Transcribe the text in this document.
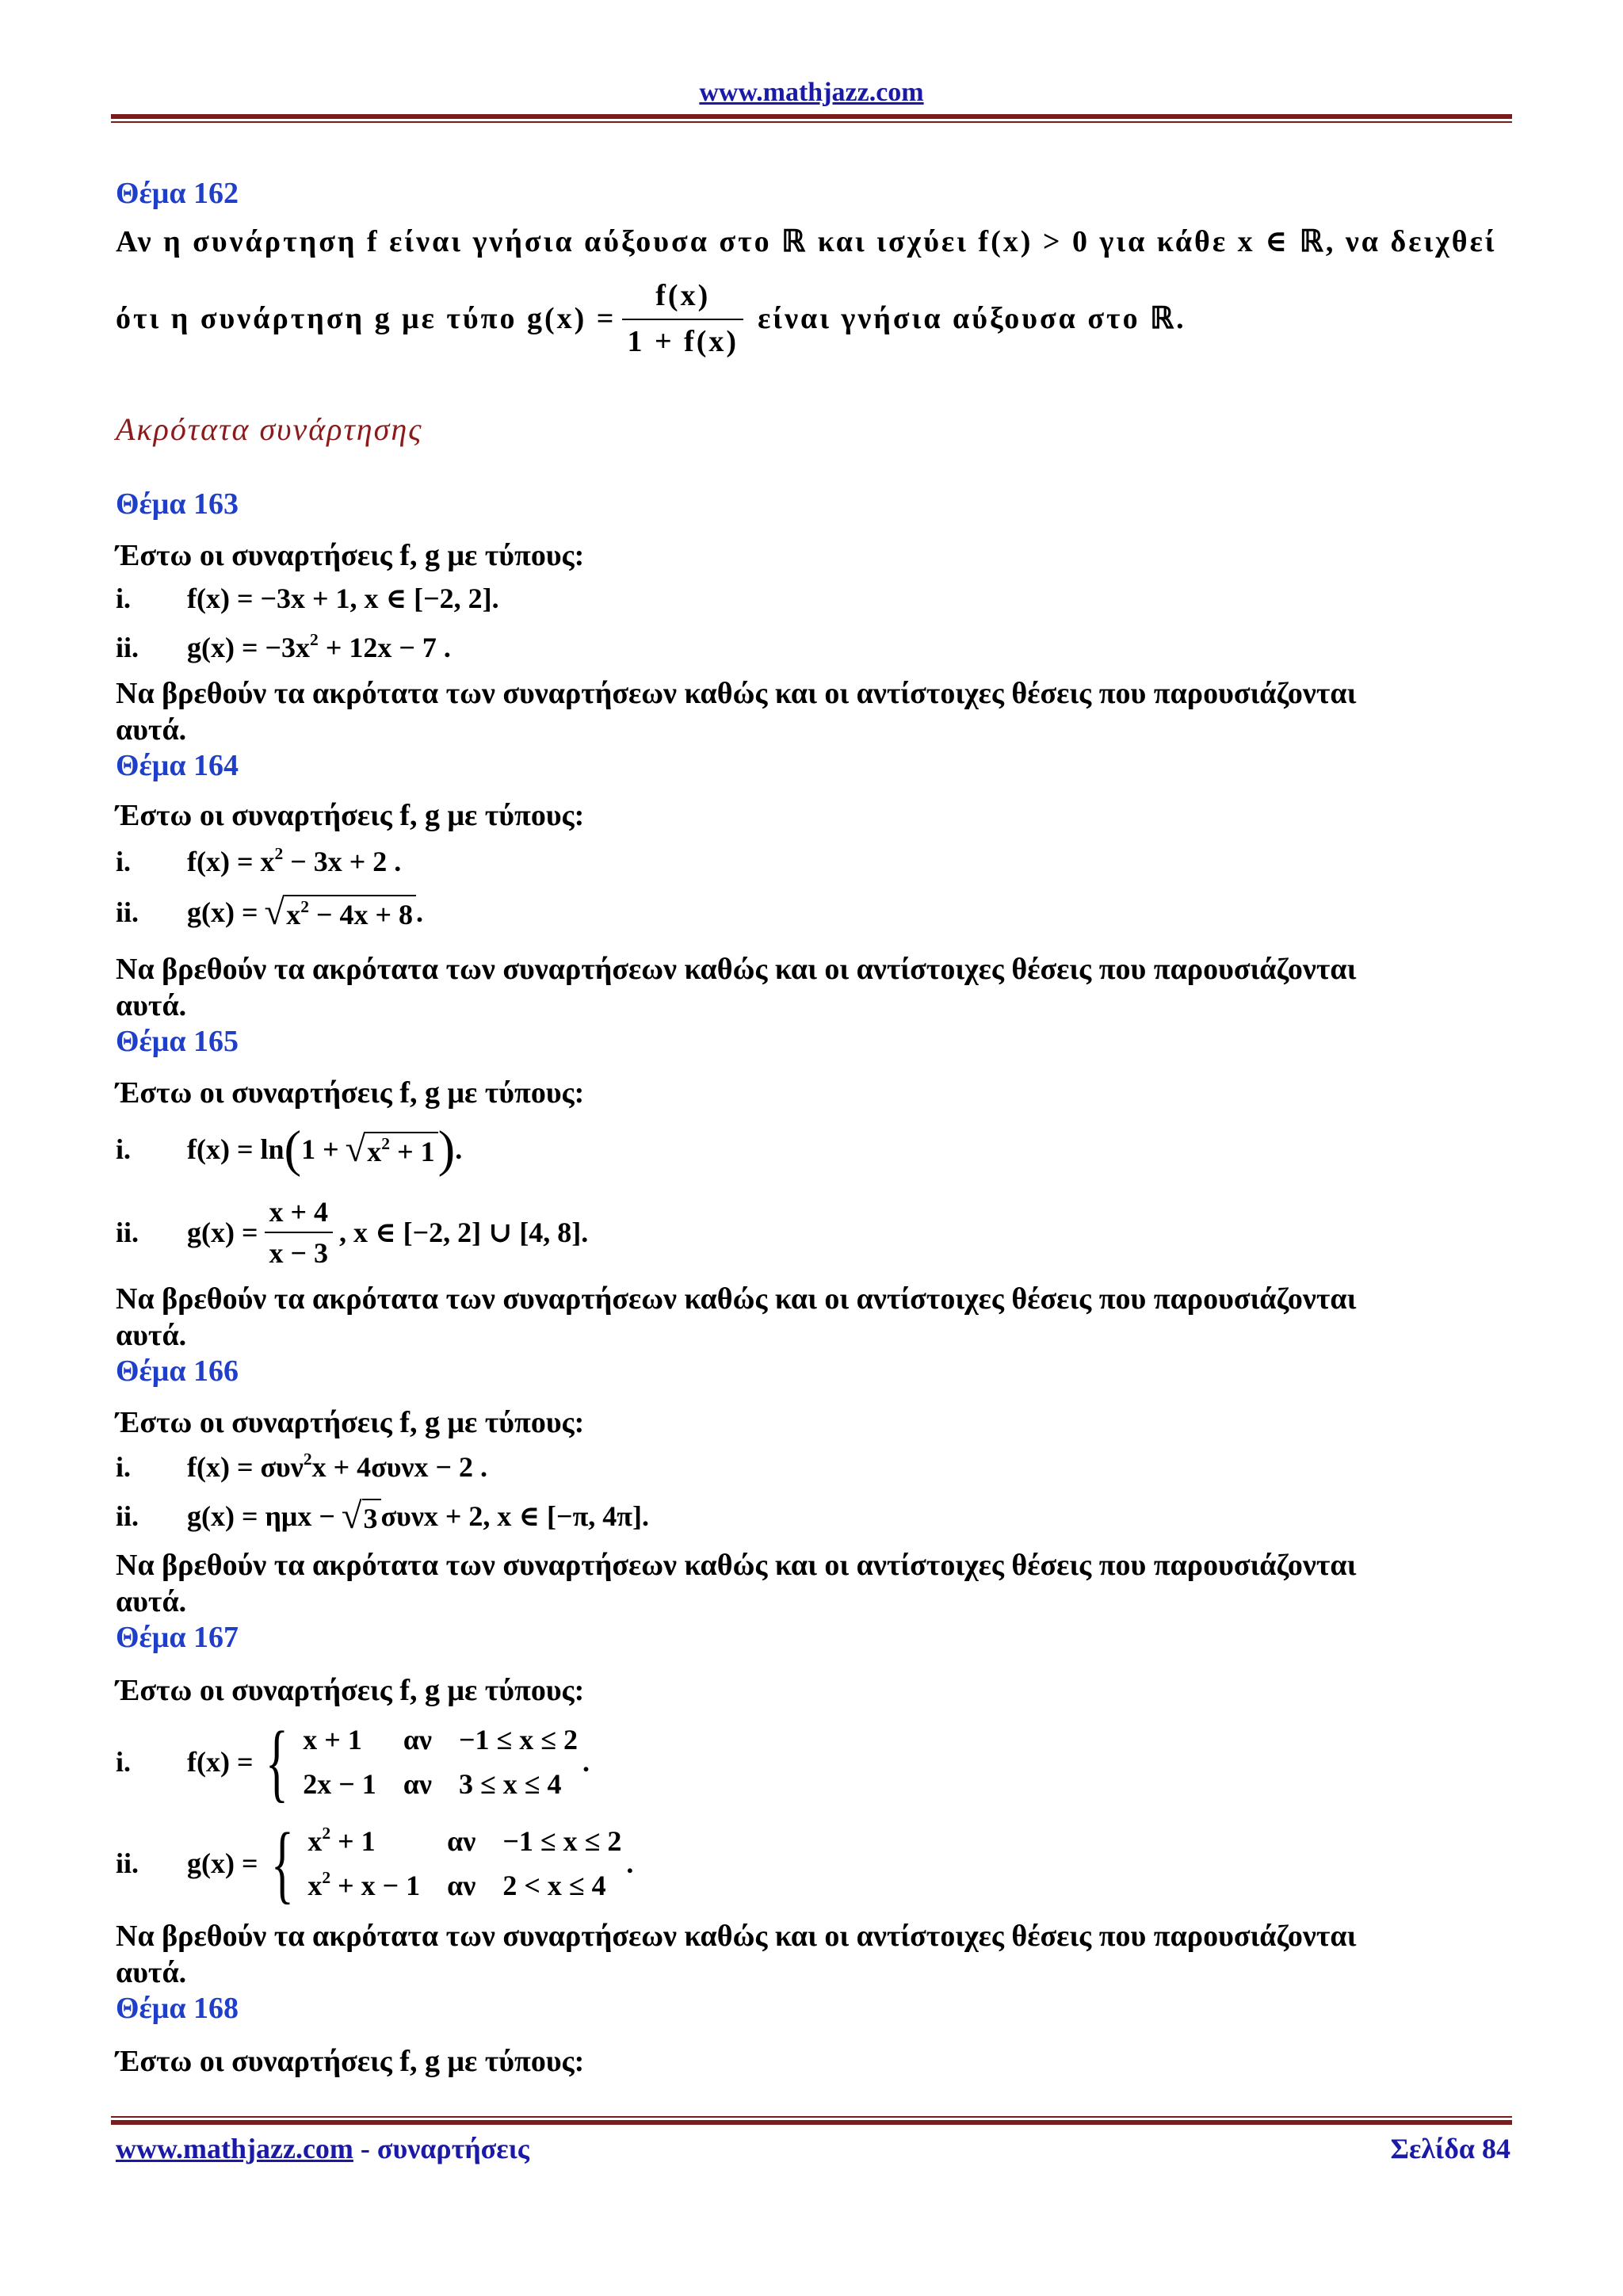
www.mathjazz.com
Θέμα 162
Αν η συνάρτηση f είναι γνήσια αύξουσα στο ℝ και ισχύει f(x) > 0 για κάθε x ∈ ℝ, να δειχθεί
ότι η συνάρτηση g με τύπο $g(x) = \frac{f(x)}{1 + f(x)}$ είναι γνήσια αύξουσα στο ℝ.
Ακρότατα συνάρτησης
Θέμα 163
Έστω οι συναρτήσεις f, g με τύπους:
i.	f(x) = −3x + 1, x ∈ [−2, 2].
ii.	$g(x) = -3x^2 + 12x - 7$ .
Να βρεθούν τα ακρότατα των συναρτήσεων καθώς και οι αντίστοιχες θέσεις που παρουσιάζονται
αυτά.
Θέμα 164
Έστω οι συναρτήσεις f, g με τύπους:
i.	$f(x) = x^2 - 3x + 2$ .
ii.	g(x) = √ $x^2 - 4x + 8$ .
Να βρεθούν τα ακρότατα των συναρτήσεων καθώς και οι αντίστοιχες θέσεις που παρουσιάζονται
αυτά.
Θέμα 165
Έστω οι συναρτήσεις f, g με τύπους:
i.	f(x) = ln ( 1 + √ $x^2 + 1$ ) .
ii.	$g(x) = \frac{x + 4}{x - 3}$ , x ∈ [−2, 2] ∪ [4, 8].
Να βρεθούν τα ακρότατα των συναρτήσεων καθώς και οι αντίστοιχες θέσεις που παρουσιάζονται
αυτά.
Θέμα 166
Έστω οι συναρτήσεις f, g με τύπους:
i.	f(x) = συν$^2$x + 4συνx − 2 .
ii.	g(x) = ημx − √ 3 συνx + 2, x ∈ [−π, 4π].
Να βρεθούν τα ακρότατα των συναρτήσεων καθώς και οι αντίστοιχες θέσεις που παρουσιάζονται
αυτά.
Θέμα 167
Έστω οι συναρτήσεις f, g με τύπους:
i.	f(x) = { x + 1	αν −1 ≤ x ≤ 2
2x − 1 αν 3 ≤ x ≤ 4
.
ii.	g(x) = { $x^2 + 1$	αν −1 ≤ x ≤ 2
$x^2 + x - 1$ αν 2 < x ≤ 4
.
Να βρεθούν τα ακρότατα των συναρτήσεων καθώς και οι αντίστοιχες θέσεις που παρουσιάζονται
αυτά.
Θέμα 168
Έστω οι συναρτήσεις f, g με τύπους:
www.mathjazz.com - συναρτήσεις	Σελίδα 84
